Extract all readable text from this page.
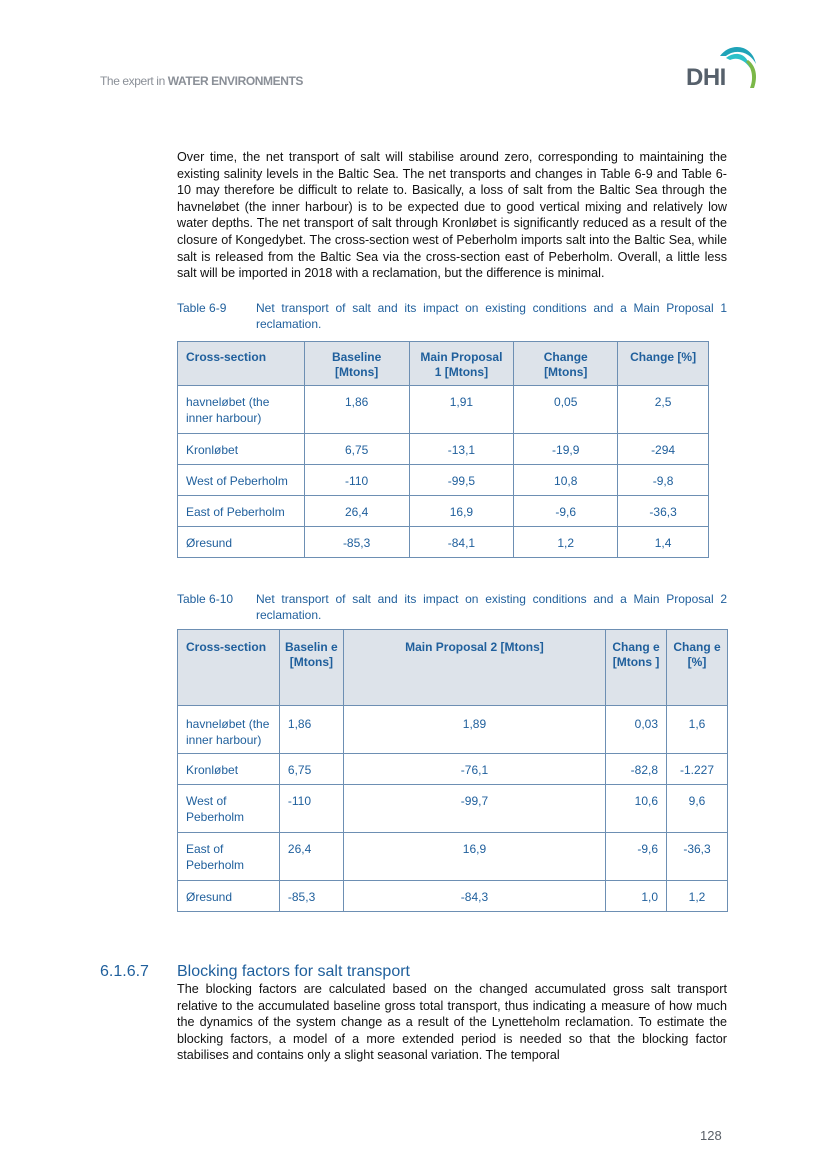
The expert in WATER ENVIRONMENTS	DHI
Over time, the net transport of salt will stabilise around zero, corresponding to maintaining the existing salinity levels in the Baltic Sea. The net transports and changes in Table 6-9 and Table 6-10 may therefore be difficult to relate to. Basically, a loss of salt from the Baltic Sea through the havneløbet (the inner harbour) is to be expected due to good vertical mixing and relatively low water depths. The net transport of salt through Kronløbet is significantly reduced as a result of the closure of Kongedybet. The cross-section west of Peberholm imports salt into the Baltic Sea, while salt is released from the Baltic Sea via the cross-section east of Peberholm. Overall, a little less salt will be imported in 2018 with a reclamation, but the difference is minimal.
Table 6-9 Net transport of salt and its impact on existing conditions and a Main Proposal 1 reclamation.
Cross-section	Baseline [Mtons]	Main Proposal 1 [Mtons]	Change [Mtons]	Change [%]
havneløbet (the inner harbour)	1,86	1,91	0,05	2,5
Kronløbet	6,75	-13,1	-19,9	-294
West of Peberholm	-110	-99,5	10,8	-9,8
East of Peberholm	26,4	16,9	-9,6	-36,3
Øresund	-85,3	-84,1	1,2	1,4
Table 6-10 Net transport of salt and its impact on existing conditions and a Main Proposal 2 reclamation.
Cross-section	Baselin e [Mtons]	Main Proposal 2 [Mtons]	Chang e [Mtons ]	Chang e [%]
havneløbet (the inner harbour)	1,86	1,89	0,03	1,6
Kronløbet	6,75	-76,1	-82,8	-1.227
West of Peberholm	-110	-99,7	10,6	9,6
East of Peberholm	26,4	16,9	-9,6	-36,3
Øresund	-85,3	-84,3	1,0	1,2
6.1.6.7 Blocking factors for salt transport
The blocking factors are calculated based on the changed accumulated gross salt transport relative to the accumulated baseline gross total transport, thus indicating a measure of how much the dynamics of the system change as a result of the Lynetteholm reclamation. To estimate the blocking factors, a model of a more extended period is needed so that the blocking factor stabilises and contains only a slight seasonal variation. The temporal
128
